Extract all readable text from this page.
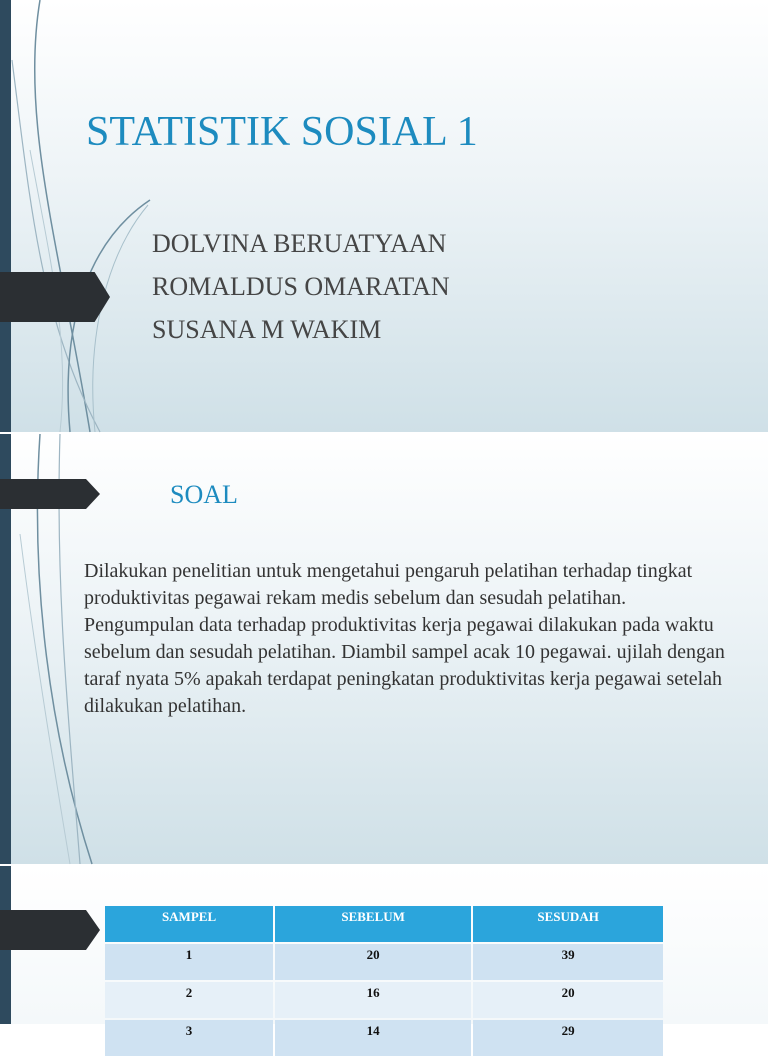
STATISTIK SOSIAL 1
DOLVINA BERUATYAAN
ROMALDUS OMARATAN
SUSANA M WAKIM
SOAL

Dilakukan penelitian untuk mengetahui pengaruh pelatihan terhadap tingkat produktivitas pegawai rekam medis sebelum dan sesudah pelatihan. Pengumpulan data terhadap produktivitas kerja pegawai dilakukan pada waktu sebelum dan sesudah pelatihan. Diambil sampel acak 10 pegawai. ujilah dengan taraf nyata 5% apakah terdapat peningkatan produktivitas kerja pegawai setelah dilakukan pelatihan.

SAMPEL	SEBELUM	SESUDAH
1	20	39
2	16	20
3	14	29
